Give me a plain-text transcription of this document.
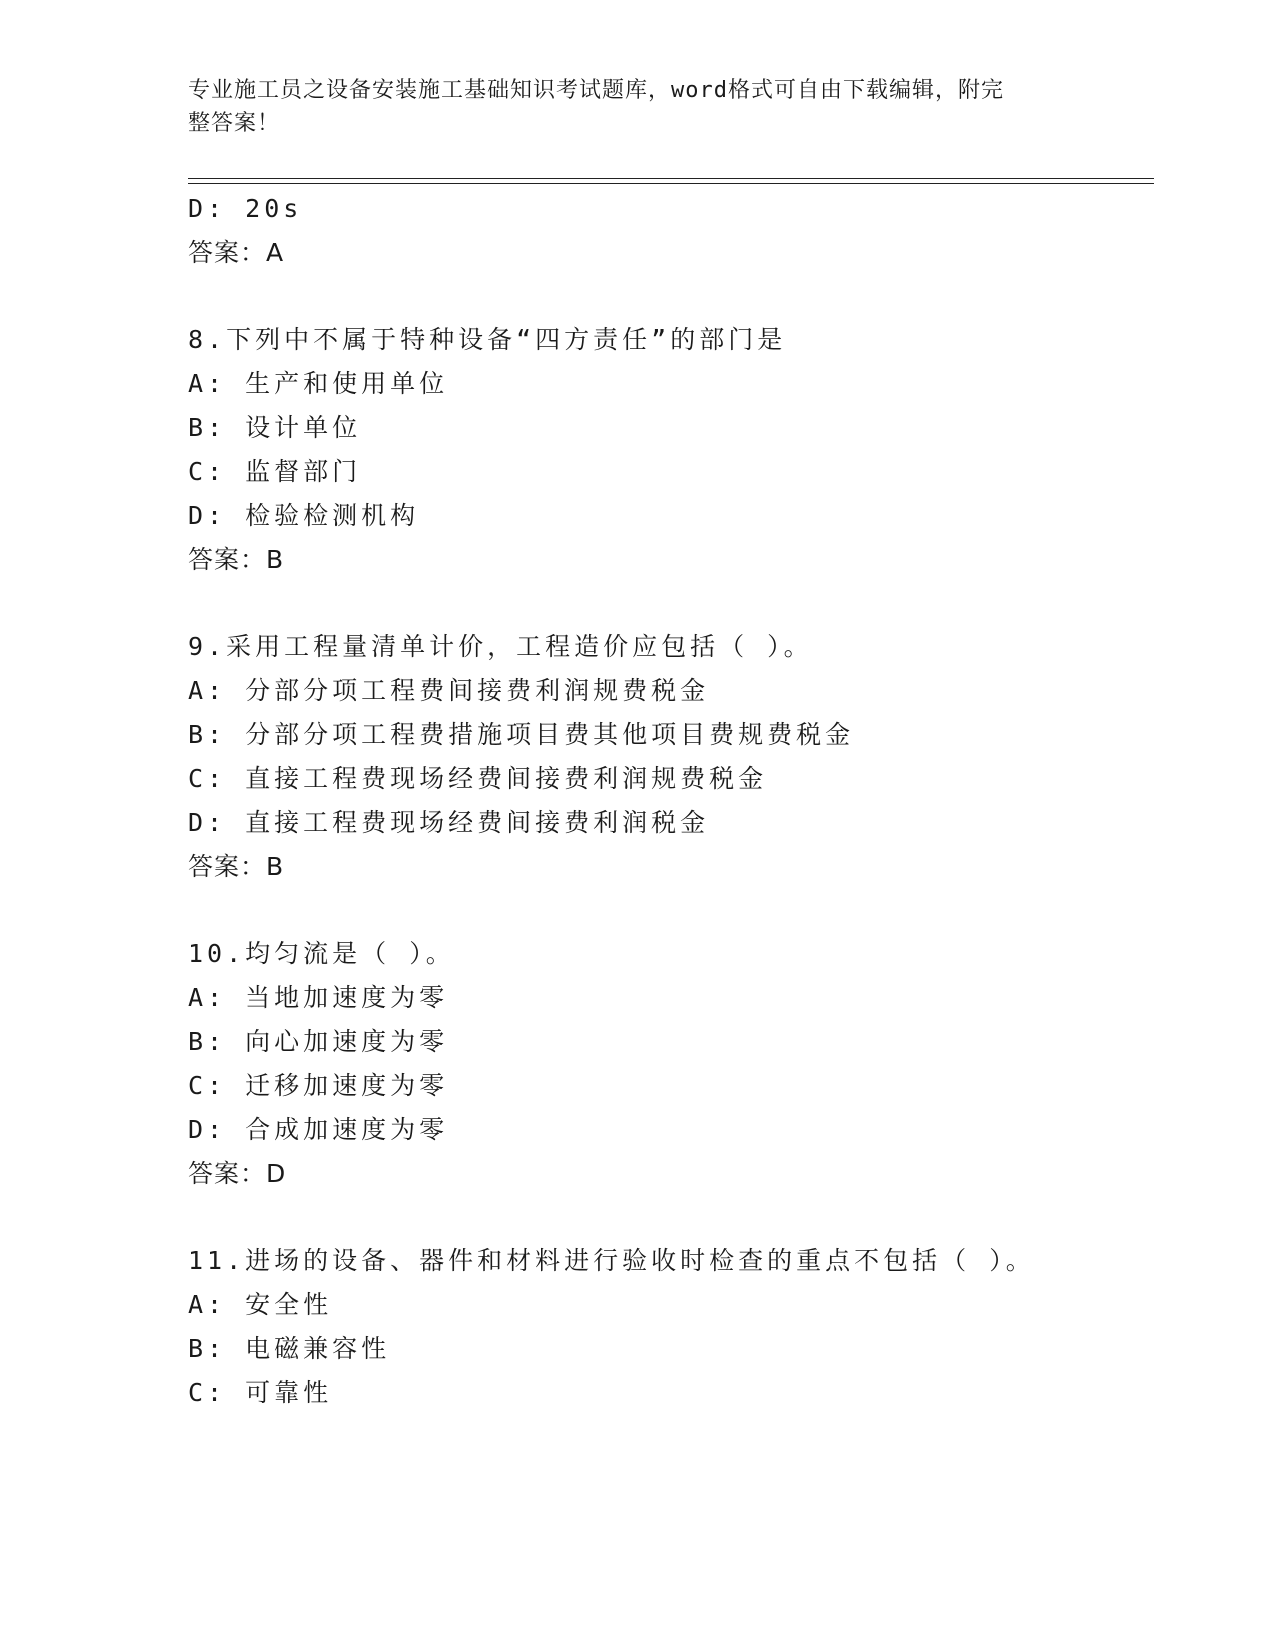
专业施工员之设备安装施工基础知识考试题库，word格式可自由下载编辑，附完
整答案！
D: 20s
答案：A
8.下列中不属于特种设备“四方责任”的部门是
A: 生产和使用单位
B: 设计单位
C: 监督部门
D: 检验检测机构
答案：B
9.采用工程量清单计价，工程造价应包括（ ）。
A: 分部分项工程费间接费利润规费税金
B: 分部分项工程费措施项目费其他项目费规费税金
C: 直接工程费现场经费间接费利润规费税金
D: 直接工程费现场经费间接费利润税金
答案：B
10.均匀流是（ ）。
A: 当地加速度为零
B: 向心加速度为零
C: 迁移加速度为零
D: 合成加速度为零
答案：D
11.进场的设备、器件和材料进行验收时检查的重点不包括（ ）。
A: 安全性
B: 电磁兼容性
C: 可靠性
